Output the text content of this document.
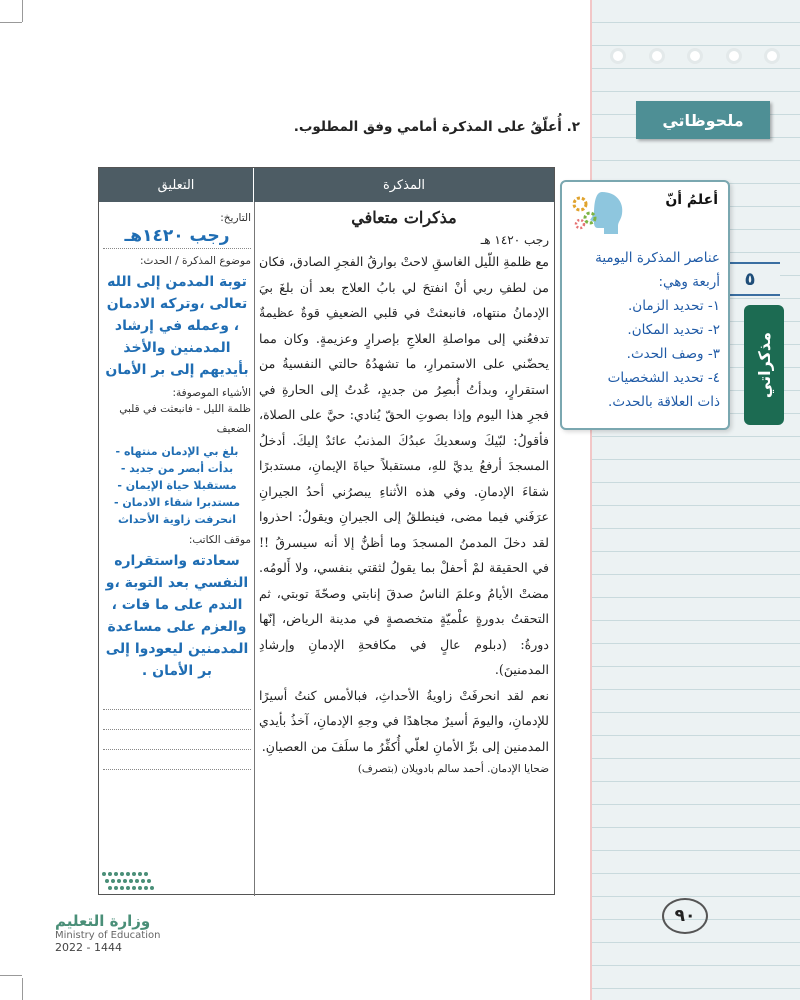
ملحوظاتي
٥
مذكراتي
أعلمُ أنّ
عناصر المذكرة اليومية
أربعة وهي:
١- تحديد الزمان.
٢- تحديد المكان.
٣- وصف الحدث.
٤- تحديد الشخصيات
ذات العلاقة بالحدث.
٢. أُعلّقُ على المذكرة أمامي وفق المطلوب.
التعليق	المذكرة
مذكرات متعافي
رجب ١٤٢٠ هـ

مع ظلمةِ اللّيل الغاسقِ لاحتْ بوارقُ الفجرِ الصادق، فكان من لطفِ ربي أنْ انفتحَ لي بابُ العلاج بعد أن بلغَ بيَ الإدمانُ منتهاه، فانبعثتْ في قلبي الضعيفِ قوةٌ عظيمةٌ تدفعُني إلى مواصلةِ العلاجِ بإصرارٍ وعزيمةٍ. وكان مما يحضّني على الاستمرارِ، ما تشهدُهُ حالتي النفسيةُ من استقرارٍ، وبدأتُ أُبصِرُ من جديدٍ، عُدتُ إلى الحارةِ في فجرِ هذا اليوم وإذا بصوتِ الحقّ يُنادي: حيَّ على الصلاة، فأقولُ: لبّيكَ وسعديكَ عبدُكَ المذنبُ عائدٌ إليكَ. أدخلُ المسجدَ أرفعُ يديَّ للهِ، مستقبلاً حياةَ الإيمانِ، مستدبرًا شقاءَ الإدمانِ. وفي هذه الأثناءِ يبصرُني أحدُ الجيرانِ عرَفَني فيما مضى، فينطلقُ إلى الجيرانِ ويقولُ: احذروا لقد دخلَ المدمنُ المسجدَ وما أظنُّ إلا أنه سيسرقُ !! في الحقيقة لمْ أحفلْ بما يقولُ لثقتي بنفسي، ولا أَلومُه. مضتْ الأيامُ وعلمَ الناسُ صدقَ إنابتي وصحّةَ توبتي، ثم التحقتُ بدورةٍ علْميّةٍ متخصصةٍ في مدينة الرياض، إنّها دورةُ: (دبلوم عالٍ في مكافحةِ الإدمانِ وإرشادِ المدمنينَ).

نعم لقد انحرفَتْ زاويةُ الأحداثِ، فبالأمس كنتُ أسيرًا للإدمانِ، واليومَ أسيرٌ مجاهدًا في وجهِ الإدمانِ، آخذُ بأيدي المدمنين إلى برِّ الأمانِ لعلّي أُكفِّرُ ما سلَفَ من العصيانِ.

ضحايا الإدمان. أحمد سالم بادويلان (بتصرف)
التاريخ:
رجب ١٤٢٠هـ
موضوع المذكرة / الحدث:
توبة المدمن إلى الله تعالى ،وتركه الادمان ، وعمله في إرشاد المدمنين والأخذ بأيديهم إلى بر الأمان
الأشياء الموصوفة:
ظلمة الليل - فانبعثت في قلبي الضعيف
بلغ بي الإدمان منتهاه - بدأت أبصر من جديد - مستقبلا حياة الإيمان - مستدبرا شقاء الادمان - انحرفت زاوية الأحداث
موقف الكاتب:
سعادته واستقراره النفسي بعد التوبة ،و الندم على ما فات ، والعزم على مساعدة المدمنين ليعودوا إلى بر الأمان .
وزارة التعليم
Ministry of Education
2022 - 1444
٩٠
